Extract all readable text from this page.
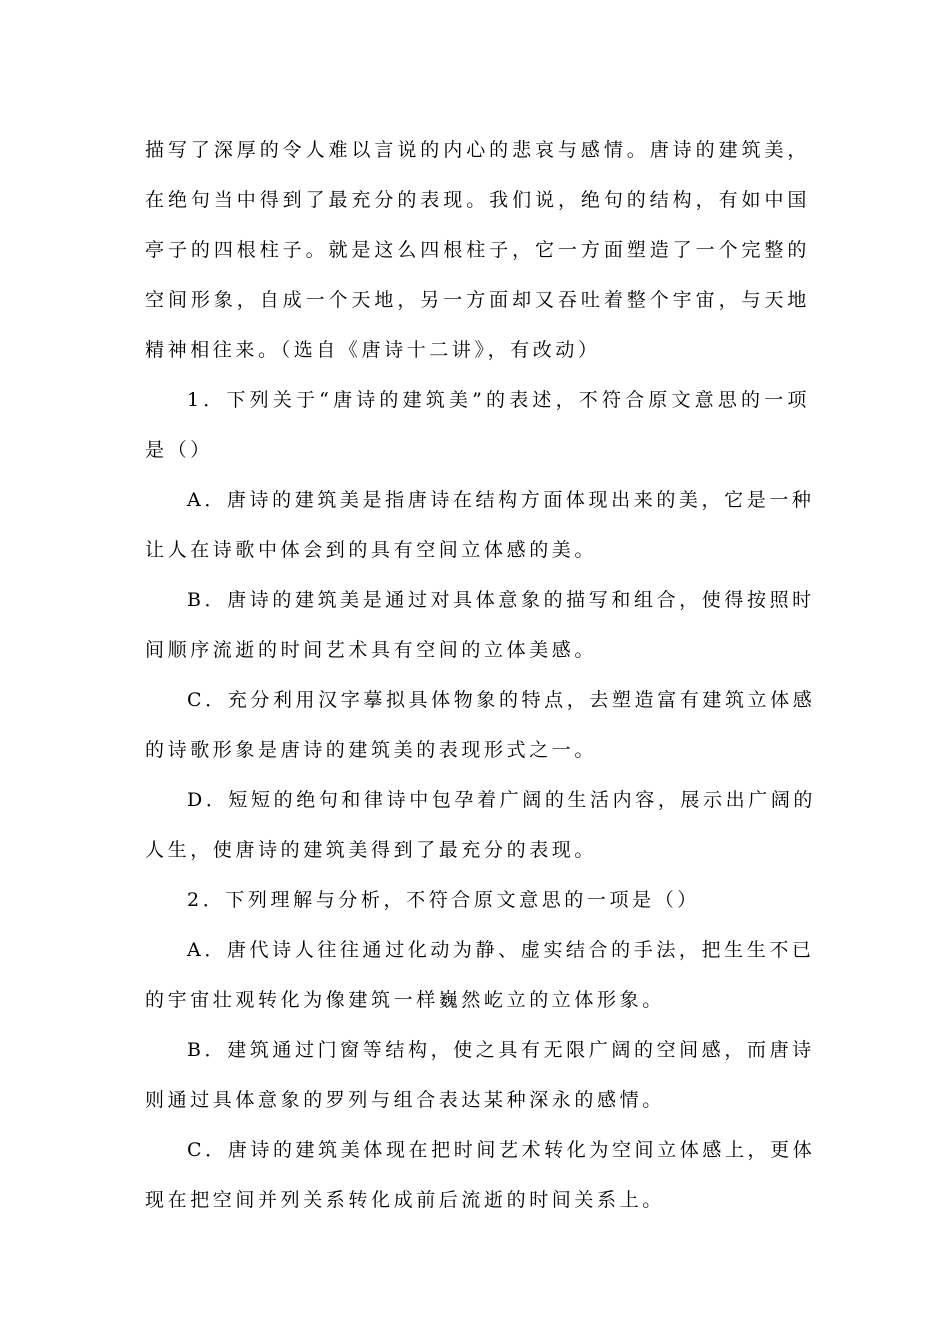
描写了深厚的令人难以言说的内心的悲哀与感情。唐诗的建筑美，
在绝句当中得到了最充分的表现。我们说，绝句的结构，有如中国
亭子的四根柱子。就是这么四根柱子，它一方面塑造了一个完整的
空间形象，自成一个天地，另一方面却又吞吐着整个宇宙，与天地
精神相往来。（选自《唐诗十二讲》，有改动）
1．下列关于“唐诗的建筑美”的表述，不符合原文意思的一项
是（）
A．唐诗的建筑美是指唐诗在结构方面体现出来的美，它是一种
让人在诗歌中体会到的具有空间立体感的美。
B．唐诗的建筑美是通过对具体意象的描写和组合，使得按照时
间顺序流逝的时间艺术具有空间的立体美感。
C．充分利用汉字摹拟具体物象的特点，去塑造富有建筑立体感
的诗歌形象是唐诗的建筑美的表现形式之一。
D．短短的绝句和律诗中包孕着广阔的生活内容，展示出广阔的
人生，使唐诗的建筑美得到了最充分的表现。
2．下列理解与分析，不符合原文意思的一项是（）
A．唐代诗人往往通过化动为静、虚实结合的手法，把生生不已
的宇宙壮观转化为像建筑一样巍然屹立的立体形象。
B．建筑通过门窗等结构，使之具有无限广阔的空间感，而唐诗
则通过具体意象的罗列与组合表达某种深永的感情。
C．唐诗的建筑美体现在把时间艺术转化为空间立体感上，更体
现在把空间并列关系转化成前后流逝的时间关系上。
